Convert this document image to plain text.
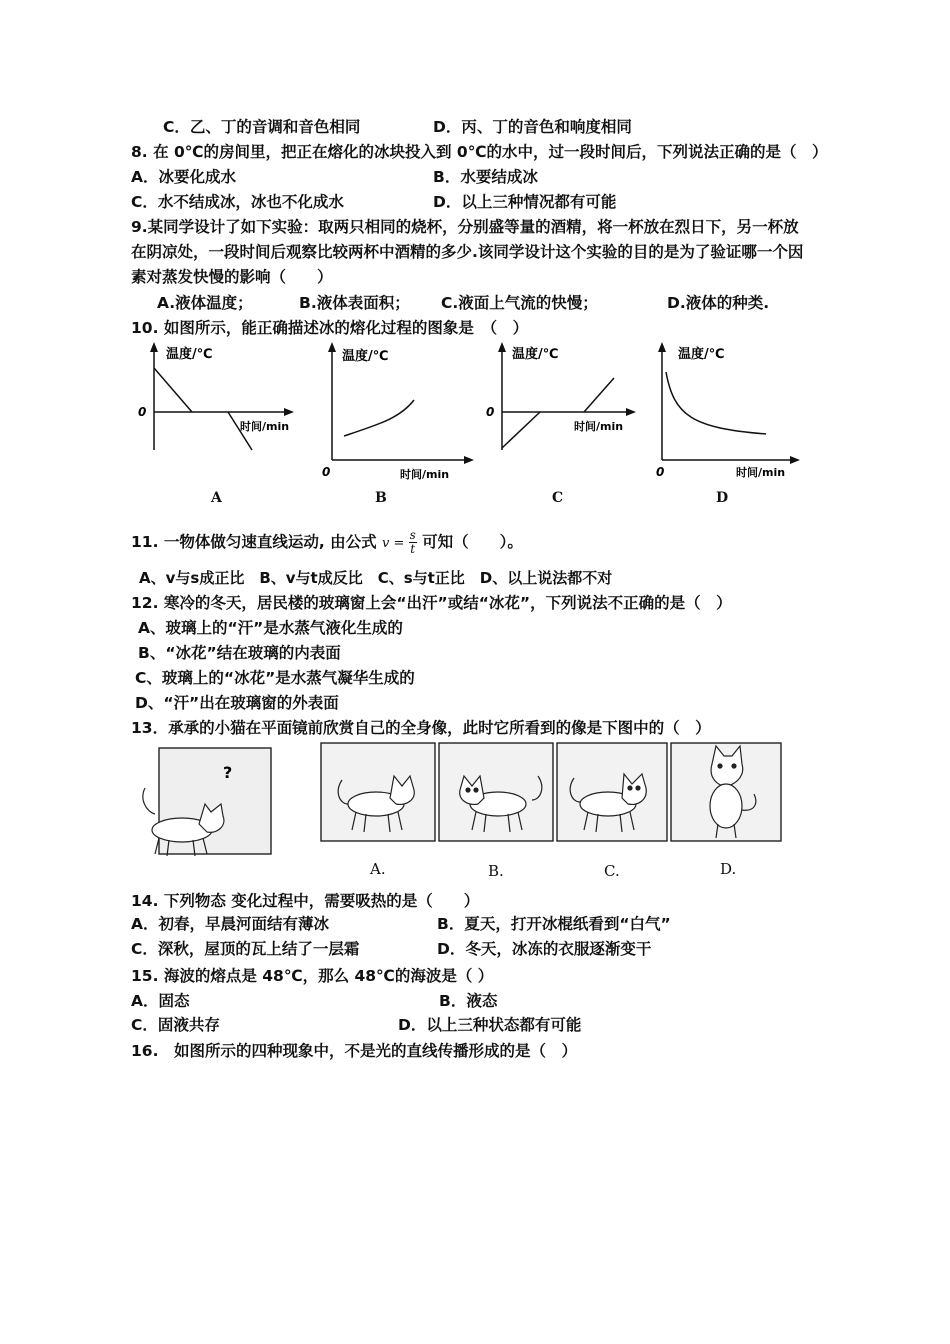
C．乙、丁的音调和音色相同	D．丙、丁的音色和响度相同
8. 在 0℃的房间里，把正在熔化的冰块投入到 0℃的水中，过一段时间后，下列说法正确的是（　）
A．冰要化成水	B．水要结成冰
C．水不结成冰，冰也不化成水	D．以上三种情况都有可能
9.某同学设计了如下实验：取两只相同的烧杯，分别盛等量的酒精，将一杯放在烈日下，另一杯放
在阴凉处，一段时间后观察比较两杯中酒精的多少.该同学设计这个实验的目的是为了验证哪一个因
素对蒸发快慢的影响（　　）
A.液体温度；	B.液体表面积； C.液面上气流的快慢；	D.液体的种类.
10. 如图所示，能正确描述冰的熔化过程的图象是　（　）
温度/℃
0
时间/min
A
温度/℃
0	时间/min
B
温度/℃
0
时间/min
C
温度/℃
0	时间/min
D
11. 一物体做匀速直线运动, 由公式 $v = \frac{s}{t}$ 可知（　　）。
A、v与s成正比　B、v与t成反比　C、s与t正比　D、以上说法都不对
12. 寒冷的冬天，居民楼的玻璃窗上会“出汗”或结“冰花”，下列说法不正确的是（　）
A、玻璃上的“汗”是水蒸气液化生成的
B、“冰花”结在玻璃的内表面
C、玻璃上的“冰花”是水蒸气凝华生成的
D、“汗”出在玻璃窗的外表面
13．承承的小猫在平面镜前欣赏自己的全身像，此时它所看到的像是下图中的（　）
?
A.	B.	C.	D.
14. 下列物态 变化过程中，需要吸热的是（　　）
A．初春，早晨河面结有薄冰	B．夏天，打开冰棍纸看到“白气”
C．深秋，屋顶的瓦上结了一层霜	D．冬天，冰冻的衣服逐渐变干
15. 海波的熔点是 48℃，那么 48℃的海波是（ ）
A．固态	B．液态
C．固液共存	D．以上三种状态都有可能
16.　如图所示的四种现象中，不是光的直线传播形成的是（　）
